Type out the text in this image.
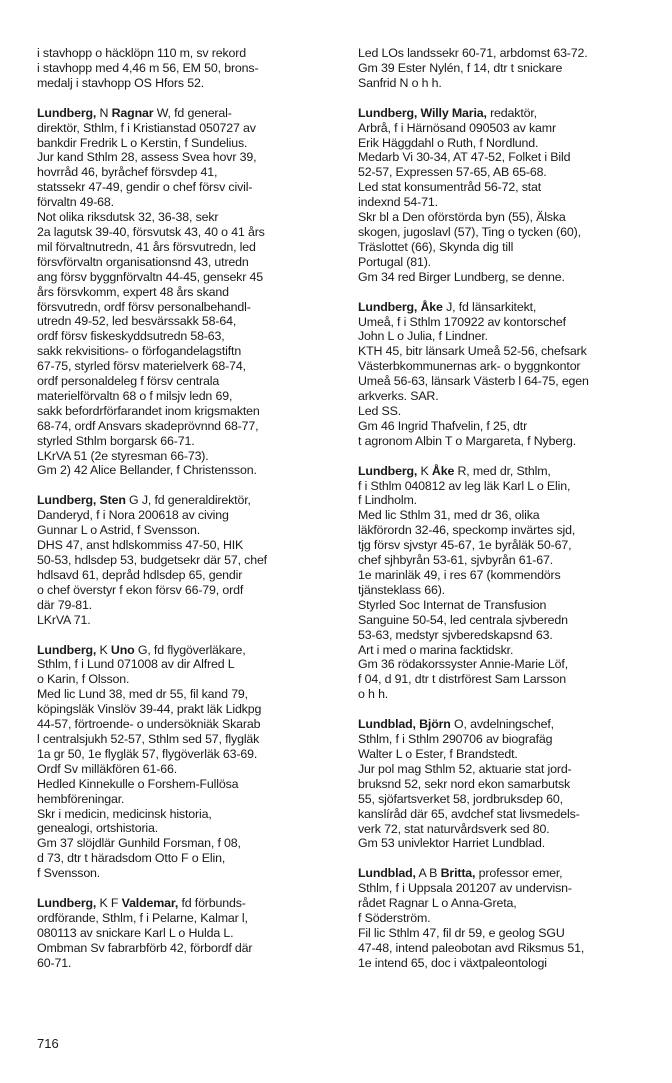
i stavhopp o häcklöpn 110 m, sv rekord
i stavhopp med 4,46 m 56, EM 50, brons-
medalj i stavhopp OS Hfors 52.
Lundberg, N Ragnar W, fd general-
direktör, Sthlm, f i Kristianstad 050727 av
bankdir Fredrik L o Kerstin, f Sundelius.
Jur kand Sthlm 28, assess Svea hovr 39,
hovrråd 46, byråchef försvdep 41,
statssekr 47-49, gendir o chef försv civil-
förvaltn 49-68.
Not olika riksdutsk 32, 36-38, sekr
2a lagutsk 39-40, försvutsk 43, 40 o 41 års
mil förvaltnutredn, 41 års försvutredn, led
försvförvaltn organisationsnd 43, utredn
ang försv byggnförvaltn 44-45, gensekr 45
års försvkomm, expert 48 års skand
försvutredn, ordf försv personalbehandl-
utredn 49-52, led besvärssakk 58-64,
ordf försv fiskeskyddsutredn 58-63,
sakk rekvisitions- o förfogandelagstiftn
67-75, styrled försv materielverk 68-74,
ordf personaldeleg f försv centrala
materielförvaltn 68 o f milsjv ledn 69,
sakk befordrförfarandet inom krigsmakten
68-74, ordf Ansvars skadeprövnnd 68-77,
styrled Sthlm borgarsk 66-71.
LKrVA 51 (2e styresman 66-73).
Gm 2) 42 Alice Bellander, f Christensson.
Lundberg, Sten G J, fd generaldirektör,
Danderyd, f i Nora 200618 av civing
Gunnar L o Astrid, f Svensson.
DHS 47, anst hdlskommiss 47-50, HIK
50-53, hdlsdep 53, budgetsekr där 57, chef
hdlsavd 61, depråd hdlsdep 65, gendir
o chef överstyr f ekon försv 66-79, ordf
där 79-81.
LKrVA 71.
Lundberg, K Uno G, fd flygöverläkare,
Sthlm, f i Lund 071008 av dir Alfred L
o Karin, f Olsson.
Med lic Lund 38, med dr 55, fil kand 79,
köpingsläk Vinslöv 39-44, prakt läk Lidkpg
44-57, förtroende- o undersökniäk Skarab
l centralsjukh 52-57, Sthlm sed 57, flygläk
1a gr 50, 1e flygläk 57, flygöverläk 63-69.
Ordf Sv milläkfören 61-66.
Hedled Kinnekulle o Forshem-Fullösa
hembföreningar.
Skr i medicin, medicinsk historia,
genealogi, ortshistoria.
Gm 37 slöjdlär Gunhild Forsman, f 08,
d 73, dtr t häradsdom Otto F o Elin,
f Svensson.
Lundberg, K F Valdemar, fd förbunds-
ordförande, Sthlm, f i Pelarne, Kalmar l,
080113 av snickare Karl L o Hulda L.
Ombman Sv fabrarbförb 42, förbordf där
60-71.
Led LOs landssekr 60-71, arbdomst 63-72.
Gm 39 Ester Nylén, f 14, dtr t snickare
Sanfrid N o h h.
Lundberg, Willy Maria, redaktör,
Arbrå, f i Härnösand 090503 av kamr
Erik Häggdahl o Ruth, f Nordlund.
Medarb Vi 30-34, AT 47-52, Folket i Bild
52-57, Expressen 57-65, AB 65-68.
Led stat konsumentråd 56-72, stat
indexnd 54-71.
Skr bl a Den oförstörda byn (55), Älska
skogen, jugoslavl (57), Ting o tycken (60),
Träslottet (66), Skynda dig till
Portugal (81).
Gm 34 red Birger Lundberg, se denne.
Lundberg, Åke J, fd länsarkitekt,
Umeå, f i Sthlm 170922 av kontorschef
John L o Julia, f Lindner.
KTH 45, bitr länsark Umeå 52-56, chefsark
Västerbkommunernas ark- o byggnkontor
Umeå 56-63, länsark Västerb l 64-75, egen
arkverks. SAR.
Led SS.
Gm 46 Ingrid Thafvelin, f 25, dtr
t agronom Albin T o Margareta, f Nyberg.
Lundberg, K Åke R, med dr, Sthlm,
f i Sthlm 040812 av leg läk Karl L o Elin,
f Lindholm.
Med lic Sthlm 31, med dr 36, olika
läkförordn 32-46, speckomp invärtes sjd,
tjg försv sjvstyr 45-67, 1e byråläk 50-67,
chef sjhbyrån 53-61, sjvbyrån 61-67.
1e marinläk 49, i res 67 (kommendörs
tjänsteklass 66).
Styrled Soc Internat de Transfusion
Sanguine 50-54, led centrala sjvberedn
53-63, medstyr sjvberedskapsnd 63.
Art i med o marina facktidskr.
Gm 36 rödakorssyster Annie-Marie Löf,
f 04, d 91, dtr t distrförest Sam Larsson
o h h.
Lundblad, Björn O, avdelningschef,
Sthlm, f i Sthlm 290706 av biografäg
Walter L o Ester, f Brandstedt.
Jur pol mag Sthlm 52, aktuarie stat jord-
bruksnd 52, sekr nord ekon samarbutsk
55, sjöfartsverket 58, jordbruksdep 60,
kanslíråd där 65, avdchef stat livsmedels-
verk 72, stat naturvårdsverk sed 80.
Gm 53 univlektor Harriet Lundblad.
Lundblad, A B Britta, professor emer,
Sthlm, f i Uppsala 201207 av undervisn-
rådet Ragnar L o Anna-Greta,
f Söderström.
Fil lic Sthlm 47, fil dr 59, e geolog SGU
47-48, intend paleobotan avd Riksmus 51,
1e intend 65, doc i växtpaleontologi
716
